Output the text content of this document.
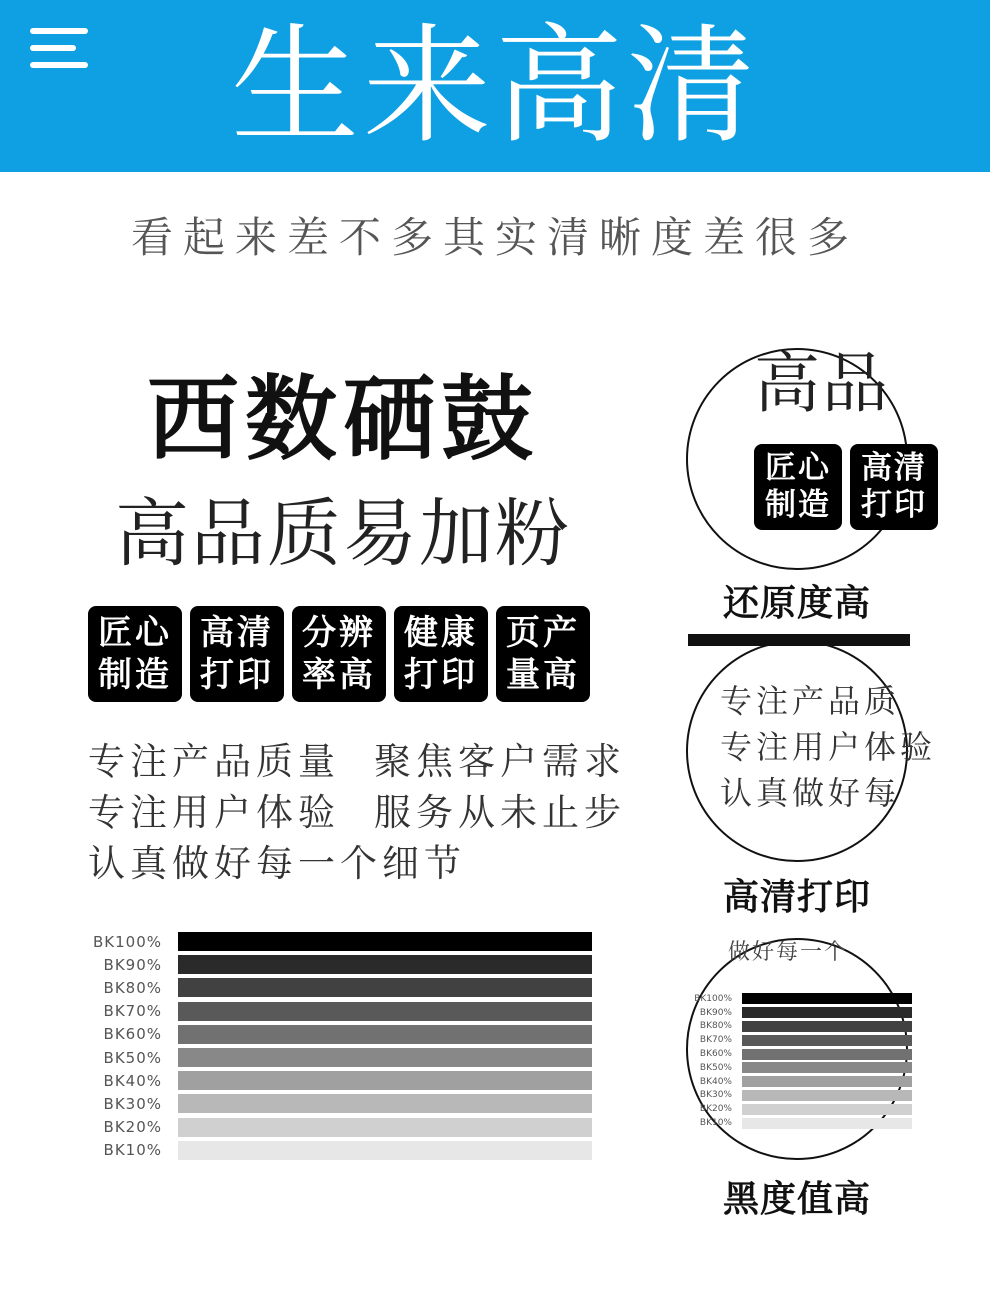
生来高清
看起来差不多其实清晰度差很多
西数硒鼓
高品质易加粉
匠心
制造
高清
打印
分辨
率高
健康
打印
页产
量高
专注产品质量 聚焦客户需求
专注用户体验 服务从未止步
认真做好每一个细节
BK100%
BK90%
BK80%
BK70%
BK60%
BK50%
BK40%
BK30%
BK20%
BK10%
高品
匠心
制造
高清
打印
还原度高
专注产品质
专注用户体验
认真做好每
高清打印
做好每一个
BK100%
BK90%
BK80%
BK70%
BK60%
BK50%
BK40%
BK30%
BK20%
BK10%
黑度值高
